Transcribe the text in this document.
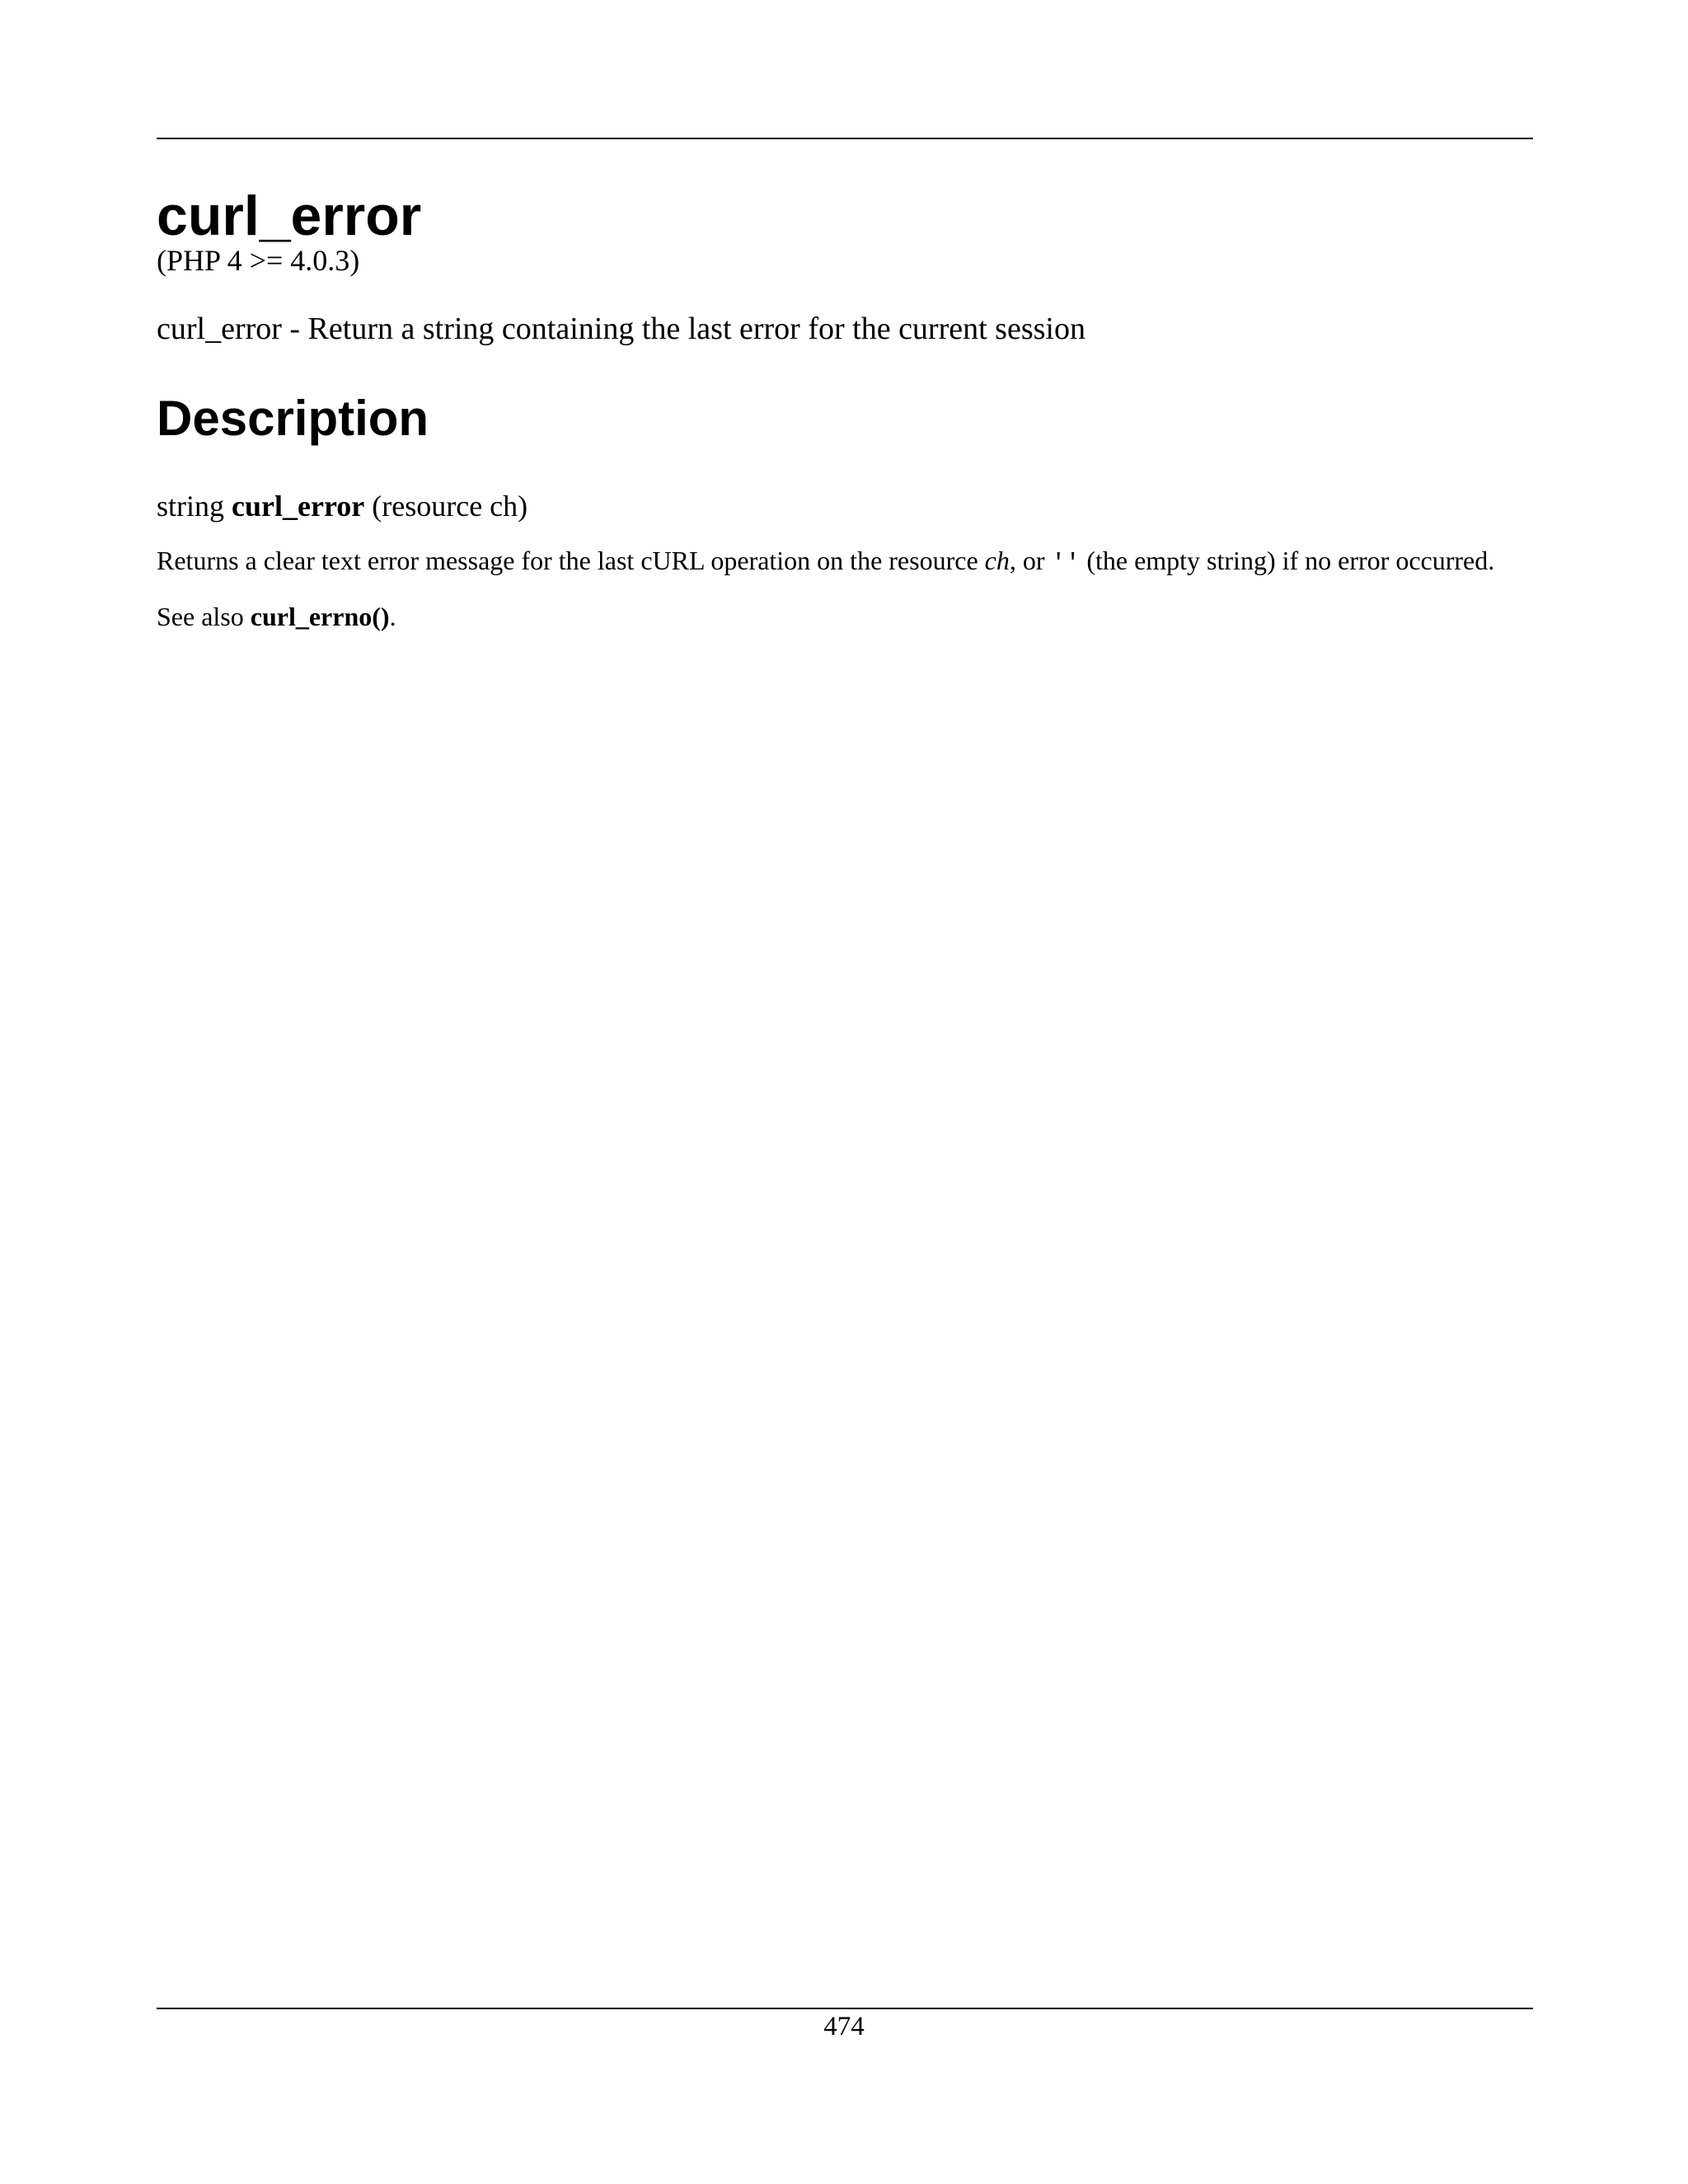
curl_error

(PHP 4 >= 4.0.3)

curl_error - Return a string containing the last error for the current session

Description

string curl_error (resource ch)

Returns a clear text error message for the last cURL operation on the resource ch, or '' (the empty string) if no error occurred.

See also curl_errno().

474
